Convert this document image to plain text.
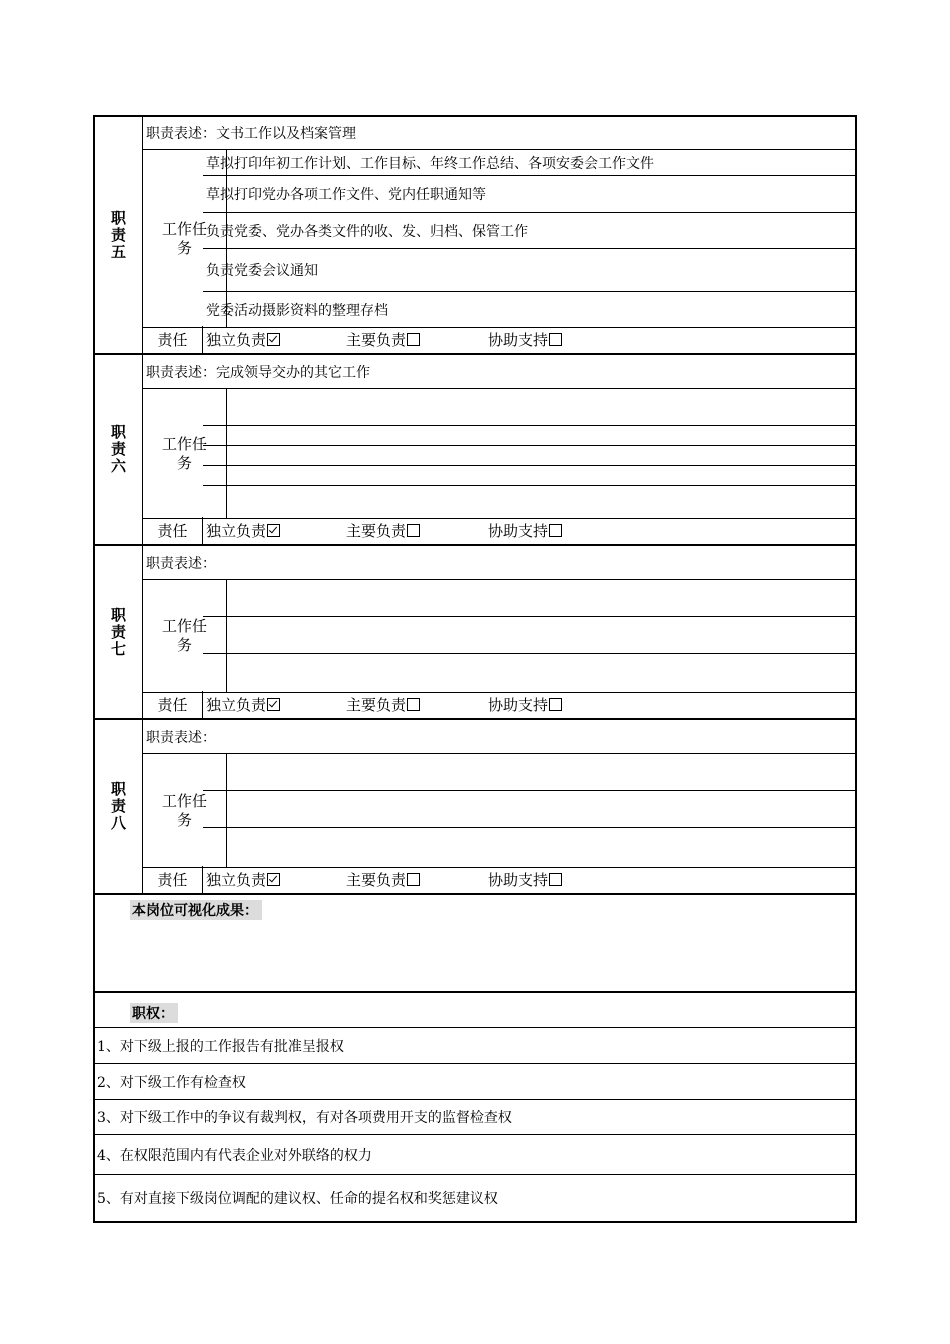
职责五
职责表述：文书工作以及档案管理
工作任务
草拟打印年初工作计划、工作目标、年终工作总结、各项安委会工作文件
草拟打印党办各项工作文件、党内任职通知等
负责党委、党办各类文件的收、发、归档、保管工作
负责党委会议通知
党委活动摄影资料的整理存档
责任	独立负责	主要负责	协助支持
职责六
职责表述：完成领导交办的其它工作
工作任务
责任	独立负责	主要负责	协助支持
职责七
职责表述：
工作任务
责任	独立负责	主要负责	协助支持
职责八
职责表述：
工作任务
责任	独立负责	主要负责	协助支持
本岗位可视化成果：
职权：
1、对下级上报的工作报告有批准呈报权
2、对下级工作有检查权
3、对下级工作中的争议有裁判权，有对各项费用开支的监督检查权
4、在权限范围内有代表企业对外联络的权力
5、有对直接下级岗位调配的建议权、任命的提名权和奖惩建议权
